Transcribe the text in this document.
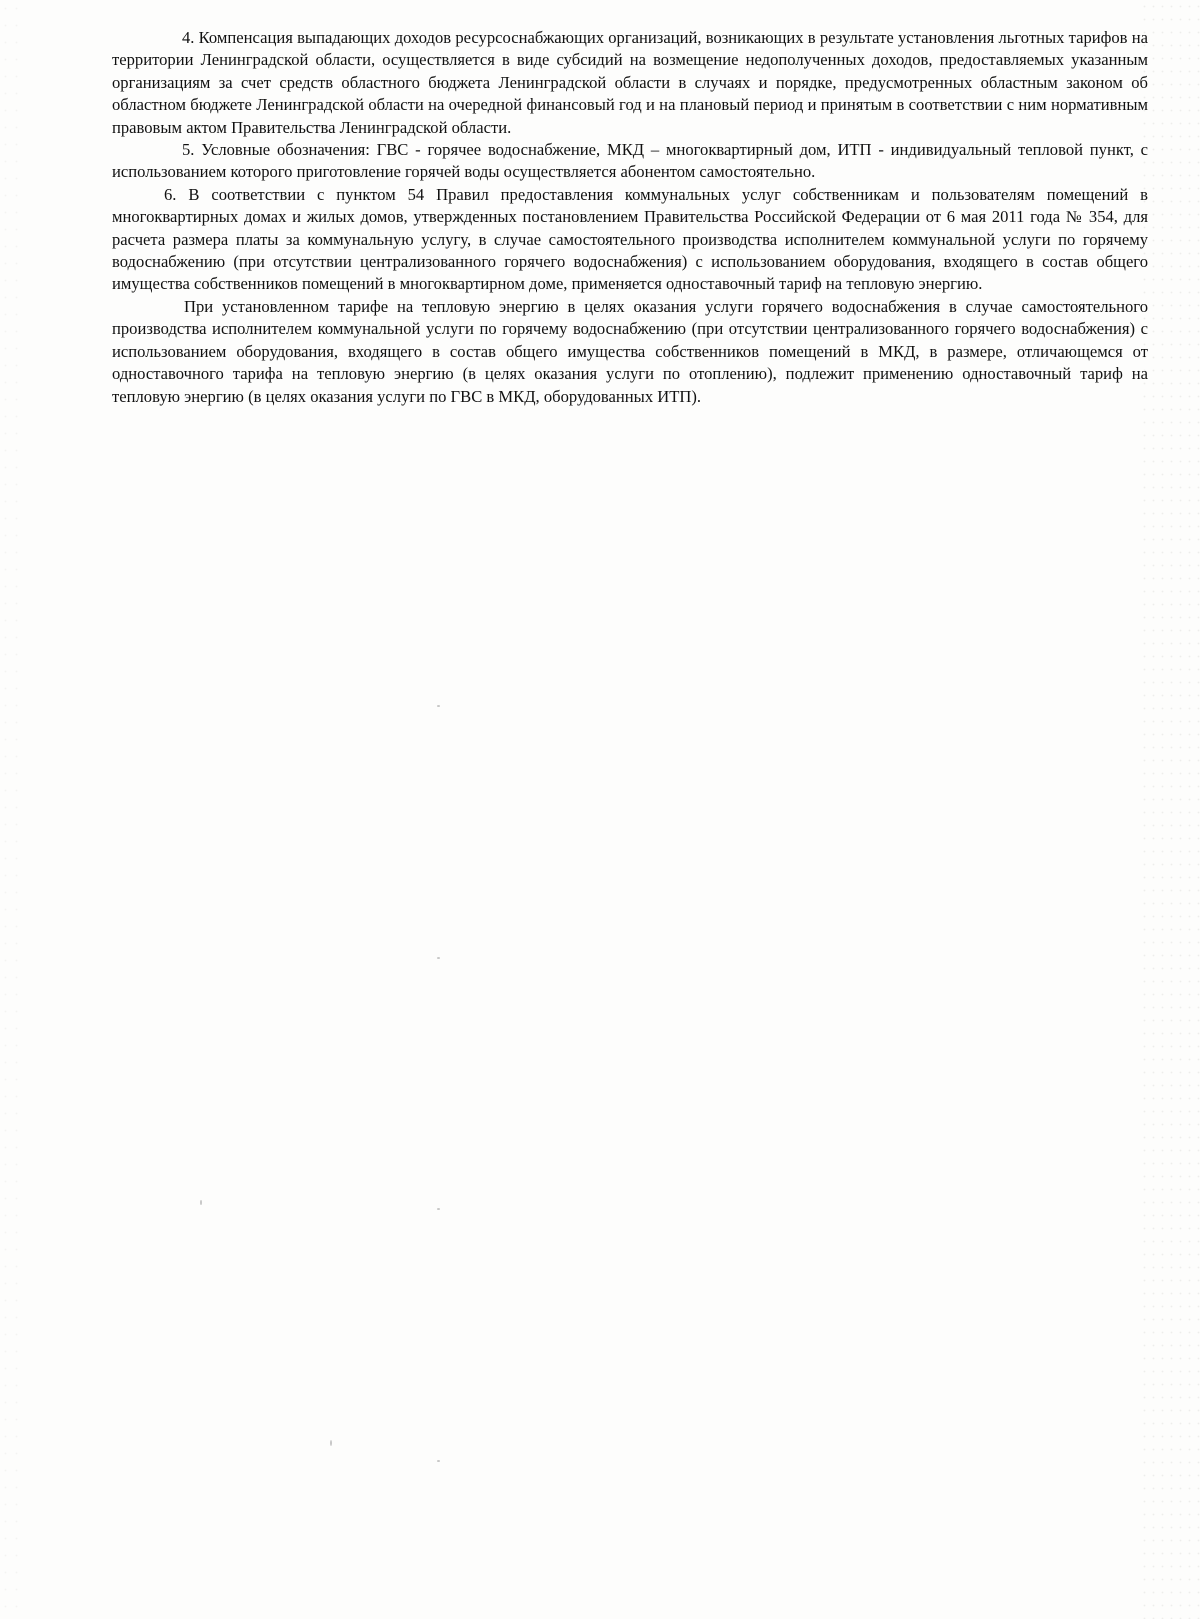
4. Компенсация выпадающих доходов ресурсоснабжающих организаций, возникающих в результате установления льготных тарифов на территории Ленинградской области, осуществляется в виде субсидий на возмещение недополученных доходов, предоставляемых указанным организациям за счет средств областного бюджета Ленинградской области в случаях и порядке, предусмотренных областным законом об областном бюджете Ленинградской области на очередной финансовый год и на плановый период и принятым в соответствии с ним нормативным правовым актом Правительства Ленинградской области.

5. Условные обозначения: ГВС - горячее водоснабжение, МКД – многоквартирный дом, ИТП - индивидуальный тепловой пункт, с использованием которого приготовление горячей воды осуществляется абонентом самостоятельно.

6. В соответствии с пунктом 54 Правил предоставления коммунальных услуг собственникам и пользователям помещений в многоквартирных домах и жилых домов, утвержденных постановлением Правительства Российской Федерации от 6 мая 2011 года № 354, для расчета размера платы за коммунальную услугу, в случае самостоятельного производства исполнителем коммунальной услуги по горячему водоснабжению (при отсутствии централизованного горячего водоснабжения) с использованием оборудования, входящего в состав общего имущества собственников помещений в многоквартирном доме, применяется одноставочный тариф на тепловую энергию.

При установленном тарифе на тепловую энергию в целях оказания услуги горячего водоснабжения в случае самостоятельного производства исполнителем коммунальной услуги по горячему водоснабжению (при отсутствии централизованного горячего водоснабжения) с использованием оборудования, входящего в состав общего имущества собственников помещений в МКД, в размере, отличающемся от одноставочного тарифа на тепловую энергию (в целях оказания услуги по отоплению), подлежит применению одноставочный тариф на тепловую энергию (в целях оказания услуги по ГВС в МКД, оборудованных ИТП).
